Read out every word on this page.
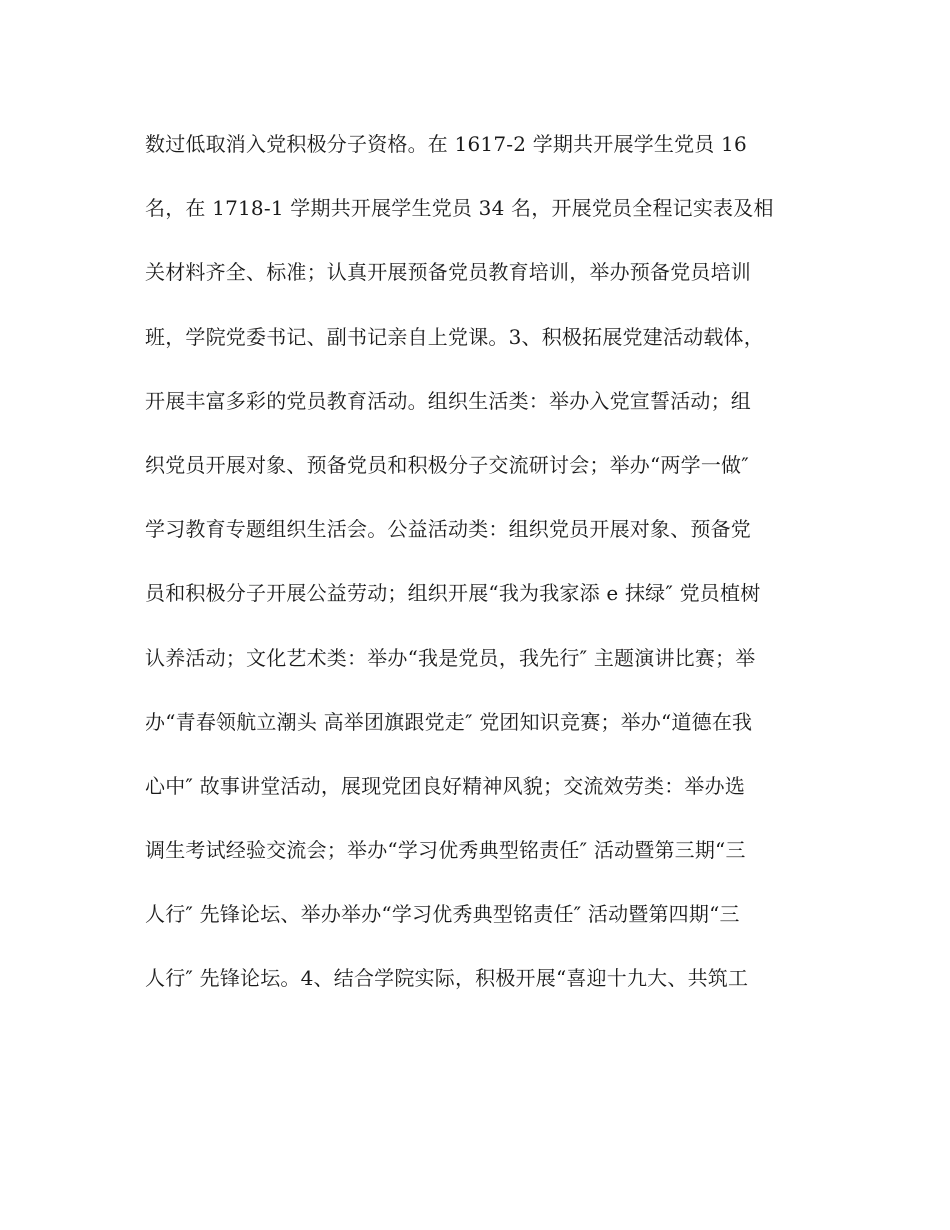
数过低取消入党积极分子资格。在 1617-2 学期共开展学生党员 16
名，在 1718-1 学期共开展学生党员 34 名，开展党员全程记实表及相
关材料齐全、标准；认真开展预备党员教育培训，举办预备党员培训
班，学院党委书记、副书记亲自上党课。3、积极拓展党建活动载体，
开展丰富多彩的党员教育活动。组织生活类：举办入党宣誓活动；组
织党员开展对象、预备党员和积极分子交流研讨会；举办“两学一做″
学习教育专题组织生活会。公益活动类：组织党员开展对象、预备党
员和积极分子开展公益劳动；组织开展“我为我家添 e 抹绿″ 党员植树
认养活动；文化艺术类：举办“我是党员，我先行″ 主题演讲比赛；举
办“青春领航立潮头 高举团旗跟党走″ 党团知识竞赛；举办“道德在我
心中″ 故事讲堂活动，展现党团良好精神风貌；交流效劳类：举办选
调生考试经验交流会；举办“学习优秀典型铭责任″ 活动暨第三期“三
人行″ 先锋论坛、举办举办“学习优秀典型铭责任″ 活动暨第四期“三
人行″ 先锋论坛。4、结合学院实际，积极开展“喜迎十九大、共筑工
